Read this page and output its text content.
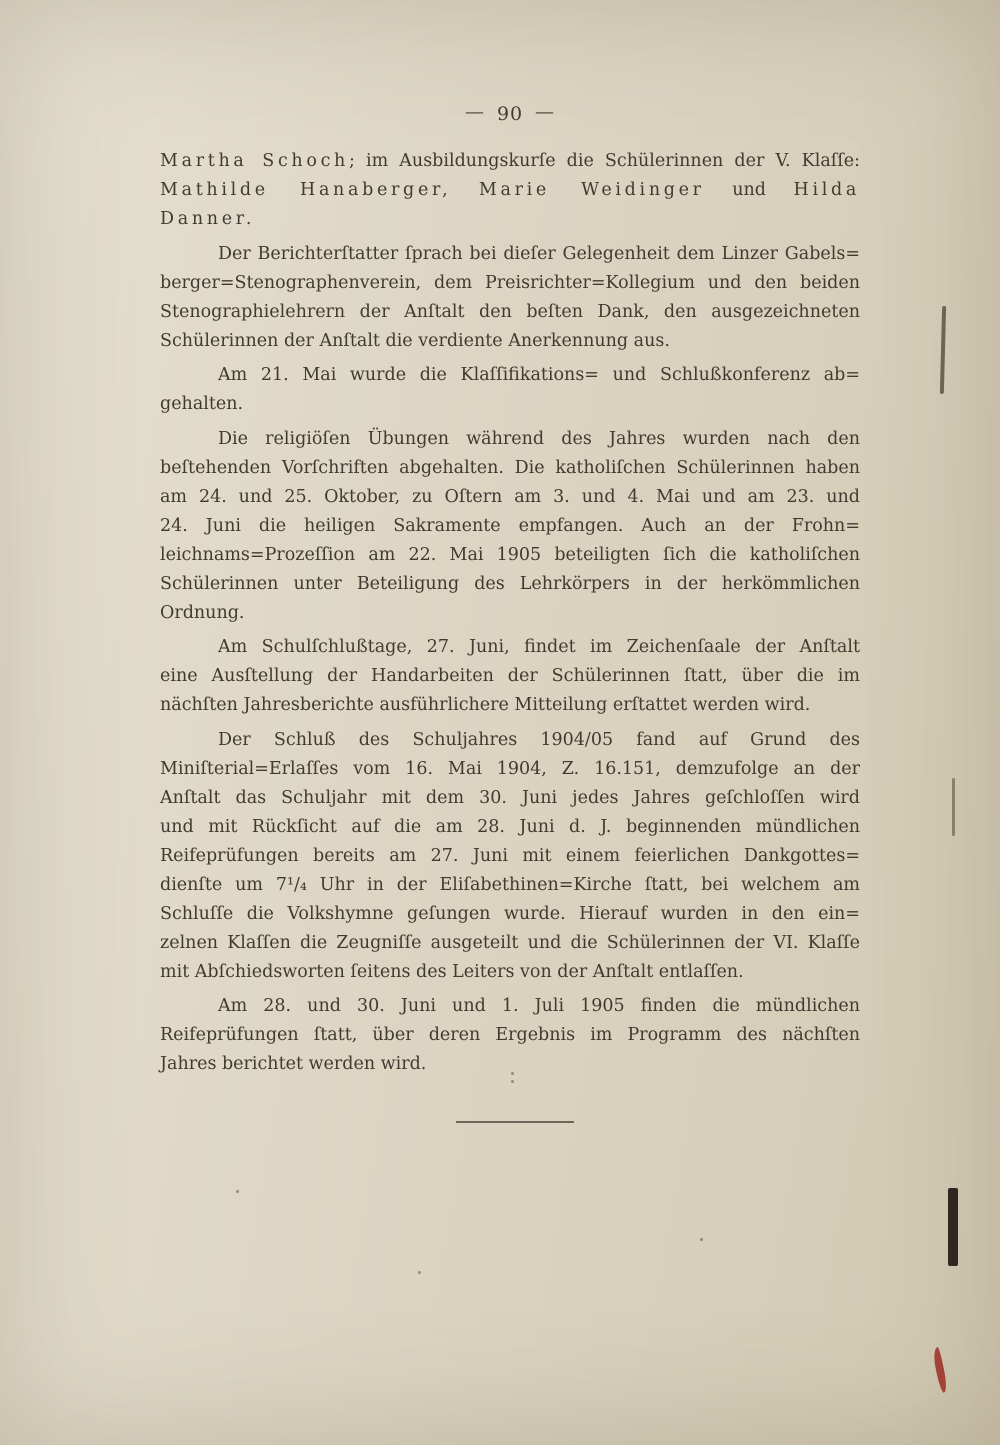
— 90 —

Martha Schoch; im Ausbildungskurſe die Schülerinnen der V. Klaſſe:
Mathilde Hanaberger, Marie Weidinger und Hilda
Danner.

Der Berichterſtatter ſprach bei dieſer Gelegenheit dem Linzer Gabels=
berger=Stenographenverein, dem Preisrichter=Kollegium und den beiden
Stenographielehrern der Anſtalt den beſten Dank, den ausgezeichneten
Schülerinnen der Anſtalt die verdiente Anerkennung aus.

Am 21. Mai wurde die Klaſſifikations= und Schlußkonferenz ab=
gehalten.

Die religiöſen Übungen während des Jahres wurden nach den
beſtehenden Vorſchriften abgehalten. Die katholiſchen Schülerinnen haben
am 24. und 25. Oktober, zu Oſtern am 3. und 4. Mai und am 23. und
24. Juni die heiligen Sakramente empfangen. Auch an der Frohn=
leichnams=Prozeſſion am 22. Mai 1905 beteiligten ſich die katholiſchen
Schülerinnen unter Beteiligung des Lehrkörpers in der herkömmlichen
Ordnung.

Am Schulſchlußtage, 27. Juni, findet im Zeichenſaale der Anſtalt
eine Ausſtellung der Handarbeiten der Schülerinnen ſtatt, über die im
nächſten Jahresberichte ausführlichere Mitteilung erſtattet werden wird.

Der Schluß des Schuljahres 1904/05 fand auf Grund des
Miniſterial=Erlaſſes vom 16. Mai 1904, Z. 16.151, demzufolge an der
Anſtalt das Schuljahr mit dem 30. Juni jedes Jahres geſchloſſen wird
und mit Rückſicht auf die am 28. Juni d. J. beginnenden mündlichen
Reifeprüfungen bereits am 27. Juni mit einem feierlichen Dankgottes=
dienſte um 7¹/₄ Uhr in der Eliſabethinen=Kirche ſtatt, bei welchem am
Schluſſe die Volkshymne geſungen wurde. Hierauf wurden in den ein=
zelnen Klaſſen die Zeugniſſe ausgeteilt und die Schülerinnen der VI. Klaſſe
mit Abſchiedsworten ſeitens des Leiters von der Anſtalt entlaſſen.

Am 28. und 30. Juni und 1. Juli 1905 finden die mündlichen
Reifeprüfungen ſtatt, über deren Ergebnis im Programm des nächſten
Jahres berichtet werden wird.
